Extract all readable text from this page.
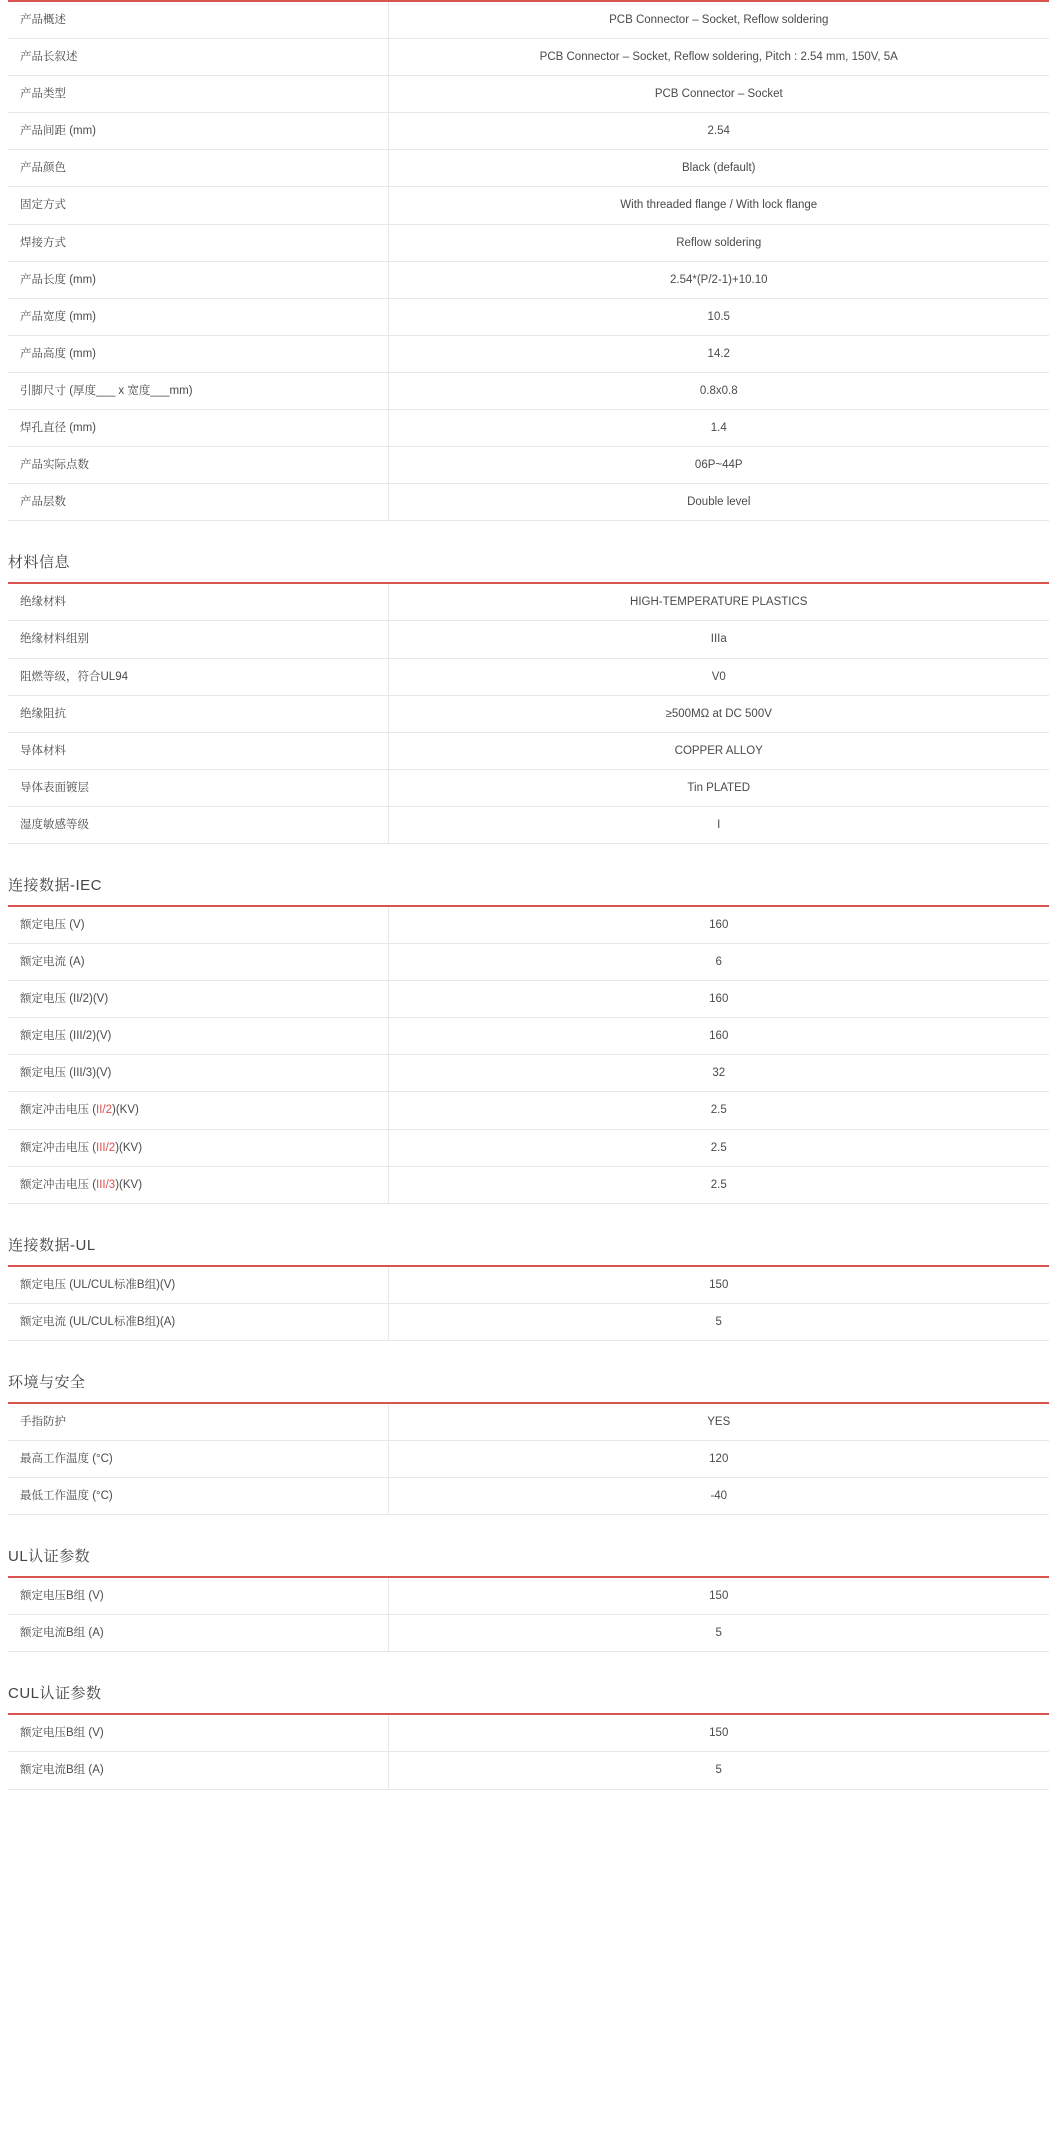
产品概述	PCB Connector – Socket, Reflow soldering
产品长叙述	PCB Connector – Socket, Reflow soldering, Pitch : 2.54 mm, 150V, 5A
产品类型	PCB Connector – Socket
产品间距 (mm)	2.54
产品颜色	Black (default)
固定方式	With threaded flange / With lock flange
焊接方式	Reflow soldering
产品长度 (mm)	2.54*(P/2-1)+10.10
产品宽度 (mm)	10.5
产品高度 (mm)	14.2
引脚尺寸 (厚度___ x 宽度___mm)	0.8x0.8
焊孔直径 (mm)	1.4
产品实际点数	06P~44P
产品层数	Double level
材料信息
绝缘材料	HIGH-TEMPERATURE PLASTICS
绝缘材料组别	IIIa
阻燃等级，符合UL94	V0
绝缘阻抗	≥500MΩ at DC 500V
导体材料	COPPER ALLOY
导体表面镀层	Tin PLATED
湿度敏感等级	I
连接数据-IEC
额定电压 (V)	160
额定电流 (A)	6
额定电压 (II/2)(V)	160
额定电压 (III/2)(V)	160
额定电压 (III/3)(V)	32
额定冲击电压 (II/2)(KV)	2.5
额定冲击电压 (III/2)(KV)	2.5
额定冲击电压 (III/3)(KV)	2.5
连接数据-UL
额定电压 (UL/CUL标准B组)(V)	150
额定电流 (UL/CUL标准B组)(A)	5
环境与安全
手指防护	YES
最高工作温度 (°C)	120
最低工作温度 (°C)	-40
UL认证参数
额定电压B组 (V)	150
额定电流B组 (A)	5
CUL认证参数
额定电压B组 (V)	150
额定电流B组 (A)	5
